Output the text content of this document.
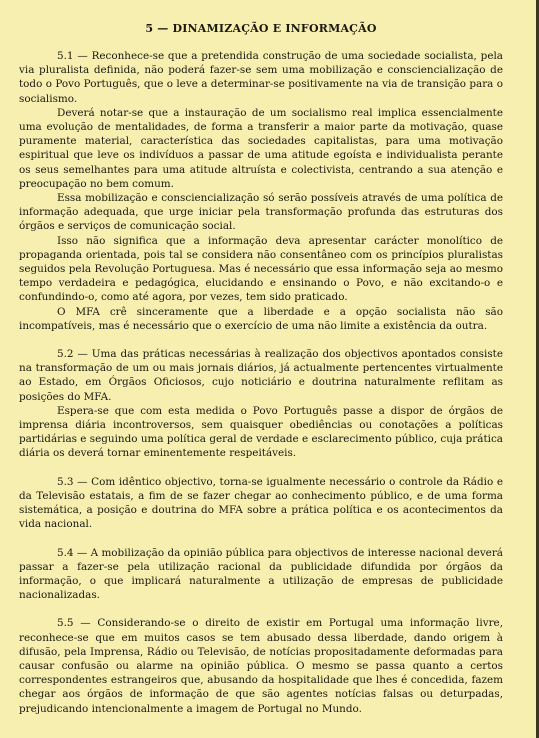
5 — DINAMIZAÇÃO E INFORMAÇÃO

5.1 — Reconhece-se que a pretendida construção de uma sociedade socialista, pela via pluralista definida, não poderá fazer-se sem uma mobilização e consciencialização de todo o Povo Português, que o leve a determinar-se positivamente na via de transição para o socialismo.

Deverá notar-se que a instauração de um socialismo real implica essencialmente uma evolução de mentalidades, de forma a transferir a maior parte da motivação, quase puramente material, característica das sociedades capitalistas, para uma motivação espiritual que leve os indivíduos a passar de uma atitude egoísta e individualista perante os seus semelhantes para uma atitude altruísta e colectivista, centrando a sua atenção e preocupação no bem comum.

Essa mobilização e consciencialização só serão possíveis através de uma política de informação adequada, que urge iniciar pela transformação profunda das estruturas dos órgãos e serviços de comunicação social.

Isso não significa que a informação deva apresentar carácter monolítico de propaganda orientada, pois tal se considera não consentâneo com os princípios pluralistas seguidos pela Revolução Portuguesa. Mas é necessário que essa informação seja ao mesmo tempo verdadeira e pedagógica, elucidando e ensinando o Povo, e não excitando-o e confundindo-o, como até agora, por vezes, tem sido praticado.

O MFA crê sinceramente que a liberdade e a opção socialista não são incompatíveis, mas é necessário que o exercício de uma não limite a existência da outra.

5.2 — Uma das práticas necessárias à realização dos objectivos apontados consiste na transformação de um ou mais jornais diários, já actualmente pertencentes virtualmente ao Estado, em Órgãos Oficiosos, cujo noticiário e doutrina naturalmente reflitam as posições do MFA.

Espera-se que com esta medida o Povo Português passe a dispor de órgãos de imprensa diária incontroversos, sem quaisquer obediências ou conotações a políticas partidárias e seguindo uma política geral de verdade e esclarecimento público, cuja prática diária os deverá tornar eminentemente respeitáveis.

5.3 — Com idêntico objectivo, torna-se igualmente necessário o controle da Rádio e da Televisão estatais, a fim de se fazer chegar ao conhecimento público, e de uma forma sistemática, a posição e doutrina do MFA sobre a prática política e os acontecimentos da vida nacional.

5.4 — A mobilização da opinião pública para objectivos de interesse nacional deverá passar a fazer-se pela utilização racional da publicidade difundida por órgãos da informação, o que implicará naturalmente a utilização de empresas de publicidade nacionalizadas.

5.5 — Considerando-se o direito de existir em Portugal uma informação livre, reconhece-se que em muitos casos se tem abusado dessa liberdade, dando origem à difusão, pela Imprensa, Rádio ou Televisão, de notícias propositadamente deformadas para causar confusão ou alarme na opinião pública. O mesmo se passa quanto a certos correspondentes estrangeiros que, abusando da hospitalidade que lhes é concedida, fazem chegar aos órgãos de informação de que são agentes notícias falsas ou deturpadas, prejudicando intencionalmente a imagem de Portugal no Mundo.
